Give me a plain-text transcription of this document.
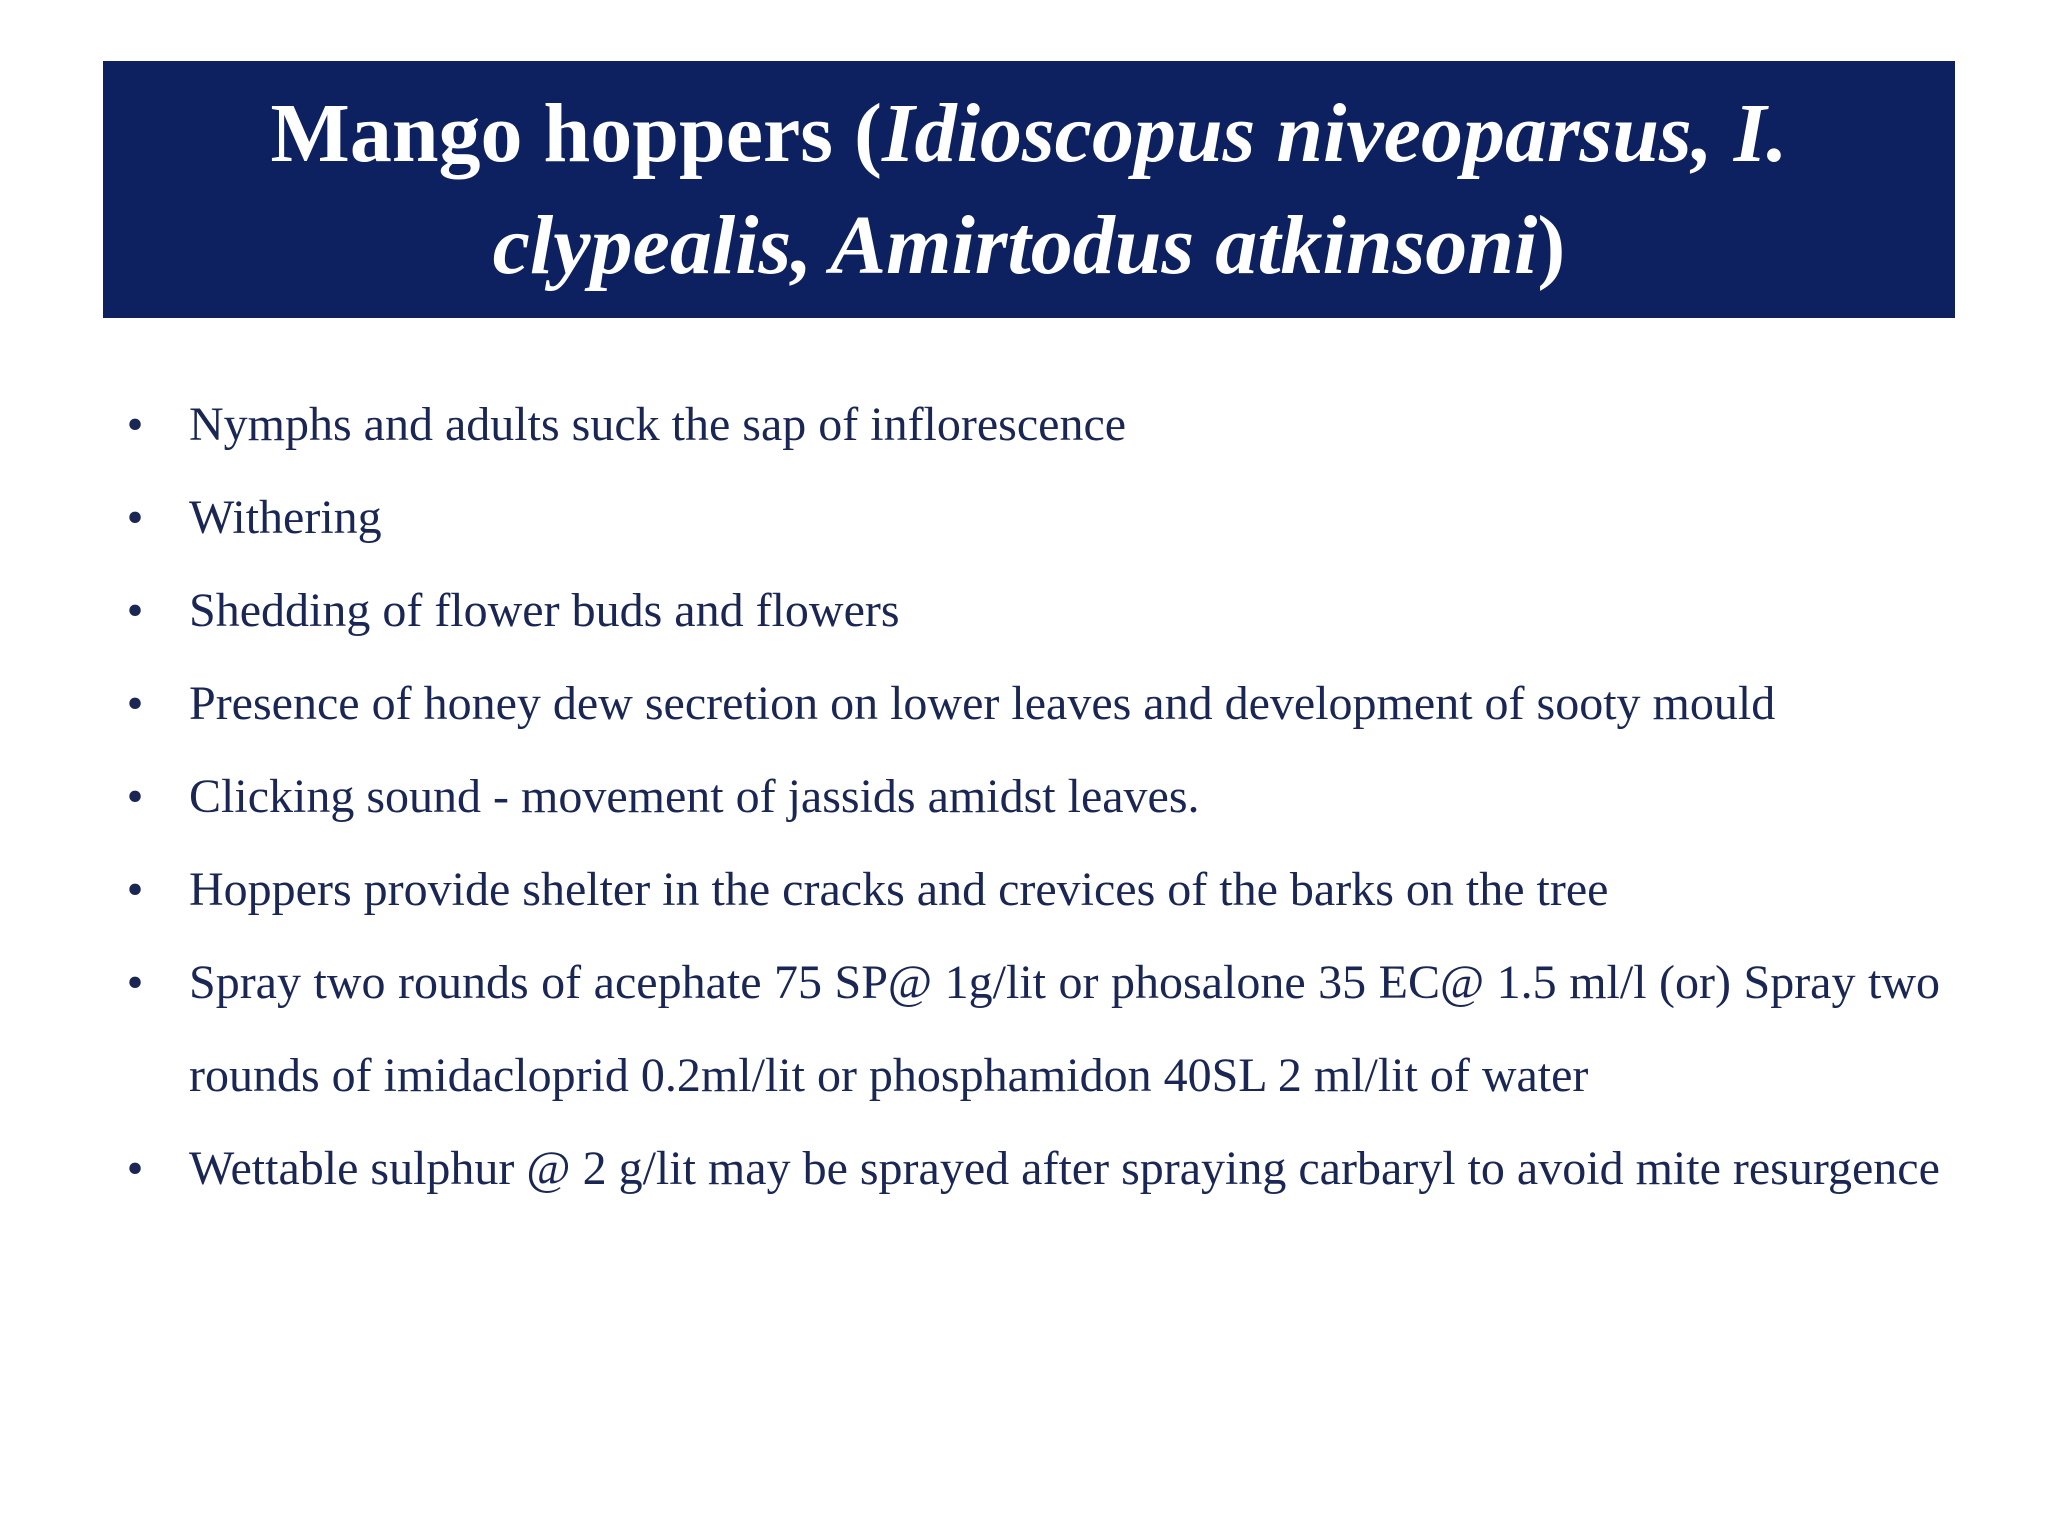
Mango hoppers (Idioscopus niveoparsus, I.
clypealis, Amirtodus atkinsoni)
• Nymphs and adults suck the sap of inflorescence
• Withering
• Shedding of flower buds and flowers
• Presence of honey dew secretion on lower leaves and development of sooty mould
• Clicking sound - movement of jassids amidst leaves.
• Hoppers provide shelter in the cracks and crevices of the barks on the tree
• Spray two rounds of acephate 75 SP@ 1g/lit or phosalone 35 EC@ 1.5 ml/l (or) Spray two rounds of imidacloprid 0.2ml/lit or phosphamidon 40SL 2 ml/lit of water
• Wettable sulphur @ 2 g/lit may be sprayed after spraying carbaryl to avoid mite resurgence
